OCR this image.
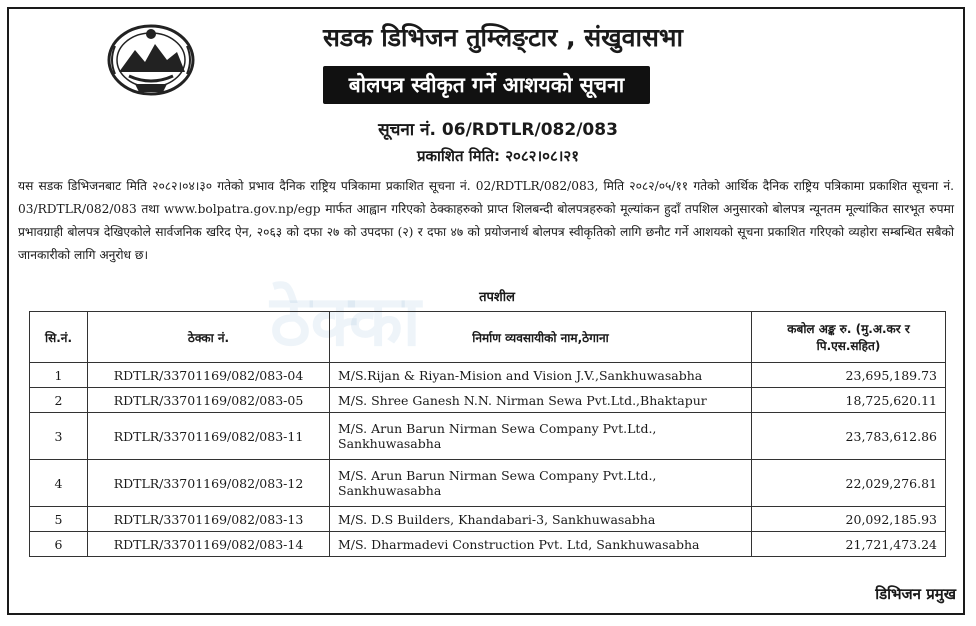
सडक डिभिजन तुम्लिङ्टार , संखुवासभा
बोलपत्र स्वीकृत गर्ने आशयको सूचना
सूचना नं. 06/RDTLR/082/083
प्रकाशित मिति: २०८२।०८।२१
यस सडक डिभिजनबाट मिति २०८२।०४।३० गतेको प्रभाव दैनिक राष्ट्रिय पत्रिकामा प्रकाशित सूचना नं. 02/RDTLR/082/083, मिति २०८२/०५/११ गतेको आर्थिक दैनिक राष्ट्रिय पत्रिकामा प्रकाशित सूचना नं. 03/RDTLR/082/083 तथा www.bolpatra.gov.np/egp मार्फत आह्वान गरिएको ठेक्काहरुको प्राप्त शिलबन्दी बोलपत्रहरुको मूल्यांकन हुदाँ तपशिल अनुसारको बोलपत्र न्यूनतम मूल्यांकित सारभूत रुपमा प्रभावग्राही बोलपत्र देखिएकोले सार्वजनिक खरिद ऐन, २०६३ को दफा २७ को उपदफा (२) र दफा ४७ को प्रयोजनार्थ बोलपत्र स्वीकृतिको लागि छनौट गर्ने आशयको सूचना प्रकाशित गरिएको व्यहोरा सम्बन्धित सबैको जानकारीको लागि अनुरोध छ।
ठेक्का	तपशील
सि.नं.	ठेक्का नं.	निर्माण व्यवसायीको नाम,ठेगाना	कबोल अङ्क रु. (मु.अ.कर र पि.एस.सहित)
1	RDTLR/33701169/082/083-04	M/S.Rijan & Riyan-Mision and Vision J.V.,Sankhuwasabha	23,695,189.73
2	RDTLR/33701169/082/083-05	M/S. Shree Ganesh N.N. Nirman Sewa Pvt.Ltd.,Bhaktapur	18,725,620.11
3	RDTLR/33701169/082/083-11	M/S. Arun Barun Nirman Sewa Company Pvt.Ltd., Sankhuwasabha	23,783,612.86
4	RDTLR/33701169/082/083-12	M/S. Arun Barun Nirman Sewa Company Pvt.Ltd., Sankhuwasabha	22,029,276.81
5	RDTLR/33701169/082/083-13	M/S. D.S Builders, Khandabari-3, Sankhuwasabha	20,092,185.93
6	RDTLR/33701169/082/083-14	M/S. Dharmadevi Construction Pvt. Ltd, Sankhuwasabha	21,721,473.24
डिभिजन प्रमुख
